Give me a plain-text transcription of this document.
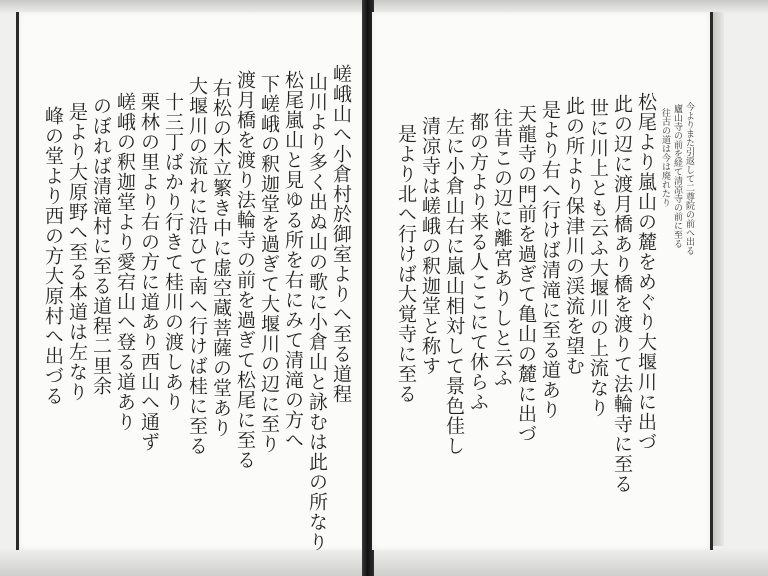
嵯峨山へ小倉村於御室よりへ至る道程
山川より多く出ぬ山の歌に小倉山と詠むは此の所なり
松尾嵐山と見ゆる所を右にみて清滝の方へ
下嵯峨の釈迦堂を過ぎて大堰川の辺に至り
渡月橋を渡り法輪寺の前を過ぎて松尾に至る
右松の木立繁き中に虚空蔵菩薩の堂あり
大堰川の流れに沿ひて南へ行けば桂に至る
十三丁ばかり行きて桂川の渡しあり
栗林の里より右の方に道あり西山へ通ず
嵯峨の釈迦堂より愛宕山へ登る道あり
のぼれば清滝村に至る道程二里余
是より大原野へ至る本道は左なり
峰の堂より西の方大原村へ出づる	今よりまた引返して二尊院の前へ出る
廬山寺の前を経て清凉寺の前に至る
往古の道は今は廃れたり
松尾より嵐山の麓をめぐり大堰川に出づ
此の辺に渡月橋あり橋を渡りて法輪寺に至る
世に川上とも云ふ大堰川の上流なり
此の所より保津川の渓流を望む
是より右へ行けば清滝に至る道あり
天龍寺の門前を過ぎて亀山の麓に出づ
往昔この辺に離宮ありしと云ふ
都の方より来る人ここにて休らふ
左に小倉山右に嵐山相対して景色佳し
清凉寺は嵯峨の釈迦堂と称す
是より北へ行けば大覚寺に至る
